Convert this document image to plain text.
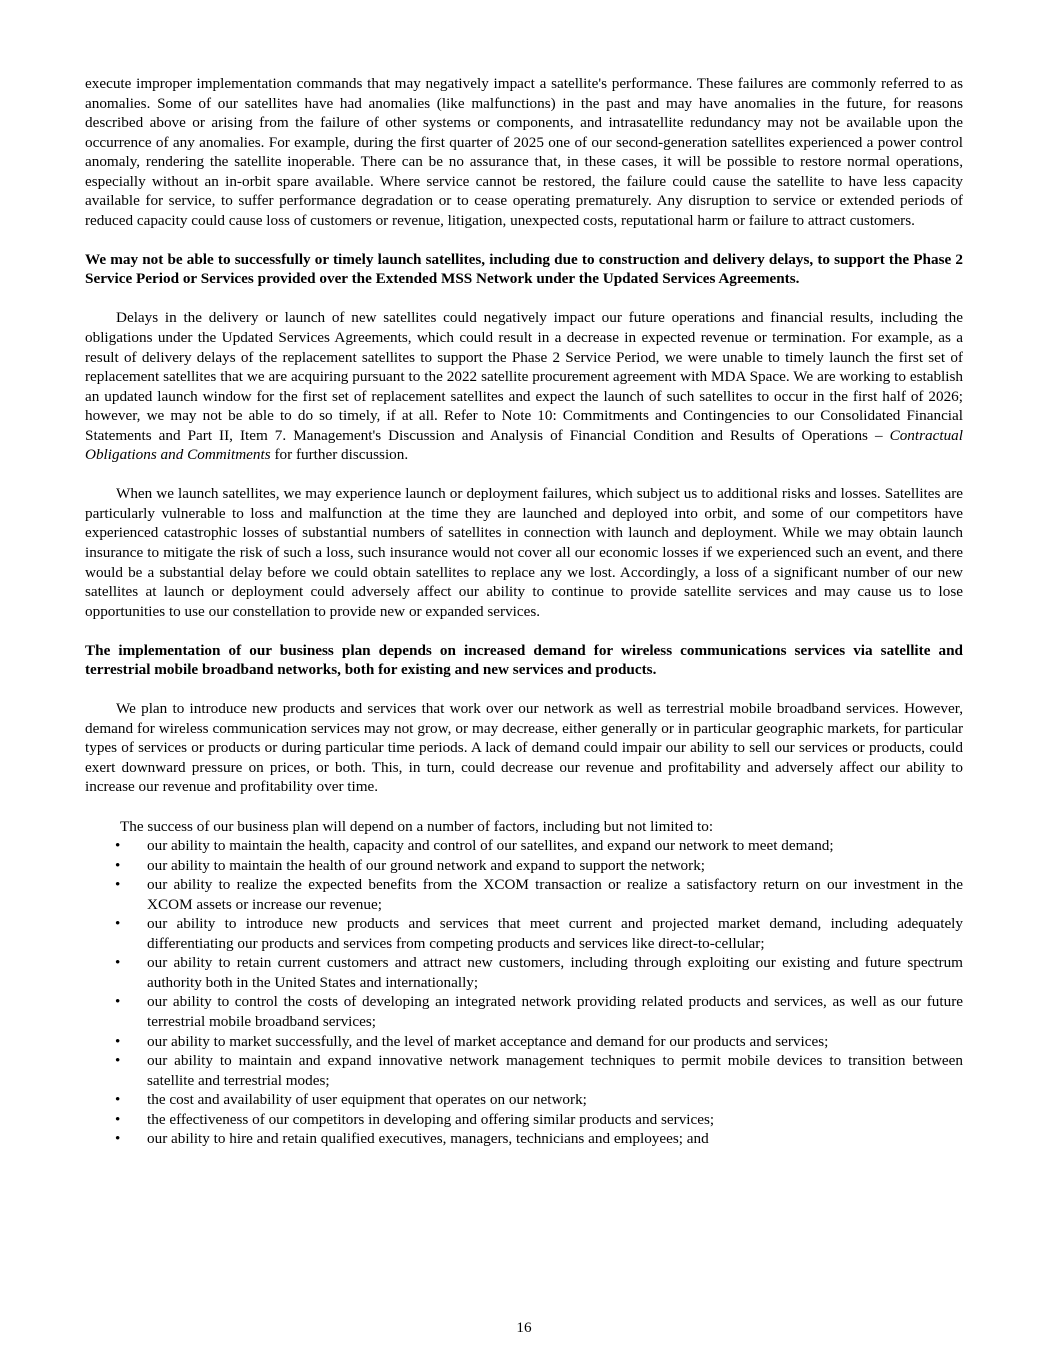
execute improper implementation commands that may negatively impact a satellite's performance. These failures are commonly referred to as anomalies. Some of our satellites have had anomalies (like malfunctions) in the past and may have anomalies in the future, for reasons described above or arising from the failure of other systems or components, and intrasatellite redundancy may not be available upon the occurrence of any anomalies. For example, during the first quarter of 2025 one of our second-generation satellites experienced a power control anomaly, rendering the satellite inoperable. There can be no assurance that, in these cases, it will be possible to restore normal operations, especially without an in-orbit spare available. Where service cannot be restored, the failure could cause the satellite to have less capacity available for service, to suffer performance degradation or to cease operating prematurely. Any disruption to service or extended periods of reduced capacity could cause loss of customers or revenue, litigation, unexpected costs, reputational harm or failure to attract customers.

We may not be able to successfully or timely launch satellites, including due to construction and delivery delays, to support the Phase 2 Service Period or Services provided over the Extended MSS Network under the Updated Services Agreements.

Delays in the delivery or launch of new satellites could negatively impact our future operations and financial results, including the obligations under the Updated Services Agreements, which could result in a decrease in expected revenue or termination. For example, as a result of delivery delays of the replacement satellites to support the Phase 2 Service Period, we were unable to timely launch the first set of replacement satellites that we are acquiring pursuant to the 2022 satellite procurement agreement with MDA Space. We are working to establish an updated launch window for the first set of replacement satellites and expect the launch of such satellites to occur in the first half of 2026; however, we may not be able to do so timely, if at all. Refer to Note 10: Commitments and Contingencies to our Consolidated Financial Statements and Part II, Item 7. Management's Discussion and Analysis of Financial Condition and Results of Operations – Contractual Obligations and Commitments for further discussion.

When we launch satellites, we may experience launch or deployment failures, which subject us to additional risks and losses. Satellites are particularly vulnerable to loss and malfunction at the time they are launched and deployed into orbit, and some of our competitors have experienced catastrophic losses of substantial numbers of satellites in connection with launch and deployment. While we may obtain launch insurance to mitigate the risk of such a loss, such insurance would not cover all our economic losses if we experienced such an event, and there would be a substantial delay before we could obtain satellites to replace any we lost. Accordingly, a loss of a significant number of our new satellites at launch or deployment could adversely affect our ability to continue to provide satellite services and may cause us to lose opportunities to use our constellation to provide new or expanded services.

The implementation of our business plan depends on increased demand for wireless communications services via satellite and terrestrial mobile broadband networks, both for existing and new services and products.

We plan to introduce new products and services that work over our network as well as terrestrial mobile broadband services. However, demand for wireless communication services may not grow, or may decrease, either generally or in particular geographic markets, for particular types of services or products or during particular time periods. A lack of demand could impair our ability to sell our services or products, could exert downward pressure on prices, or both. This, in turn, could decrease our revenue and profitability and adversely affect our ability to increase our revenue and profitability over time.

The success of our business plan will depend on a number of factors, including but not limited to:

• our ability to maintain the health, capacity and control of our satellites, and expand our network to meet demand;
• our ability to maintain the health of our ground network and expand to support the network;
• our ability to realize the expected benefits from the XCOM transaction or realize a satisfactory return on our investment in the XCOM assets or increase our revenue;
• our ability to introduce new products and services that meet current and projected market demand, including adequately differentiating our products and services from competing products and services like direct-to-cellular;
• our ability to retain current customers and attract new customers, including through exploiting our existing and future spectrum authority both in the United States and internationally;
• our ability to control the costs of developing an integrated network providing related products and services, as well as our future terrestrial mobile broadband services;
• our ability to market successfully, and the level of market acceptance and demand for our products and services;
• our ability to maintain and expand innovative network management techniques to permit mobile devices to transition between satellite and terrestrial modes;
• the cost and availability of user equipment that operates on our network;
• the effectiveness of our competitors in developing and offering similar products and services;
• our ability to hire and retain qualified executives, managers, technicians and employees; and
16
